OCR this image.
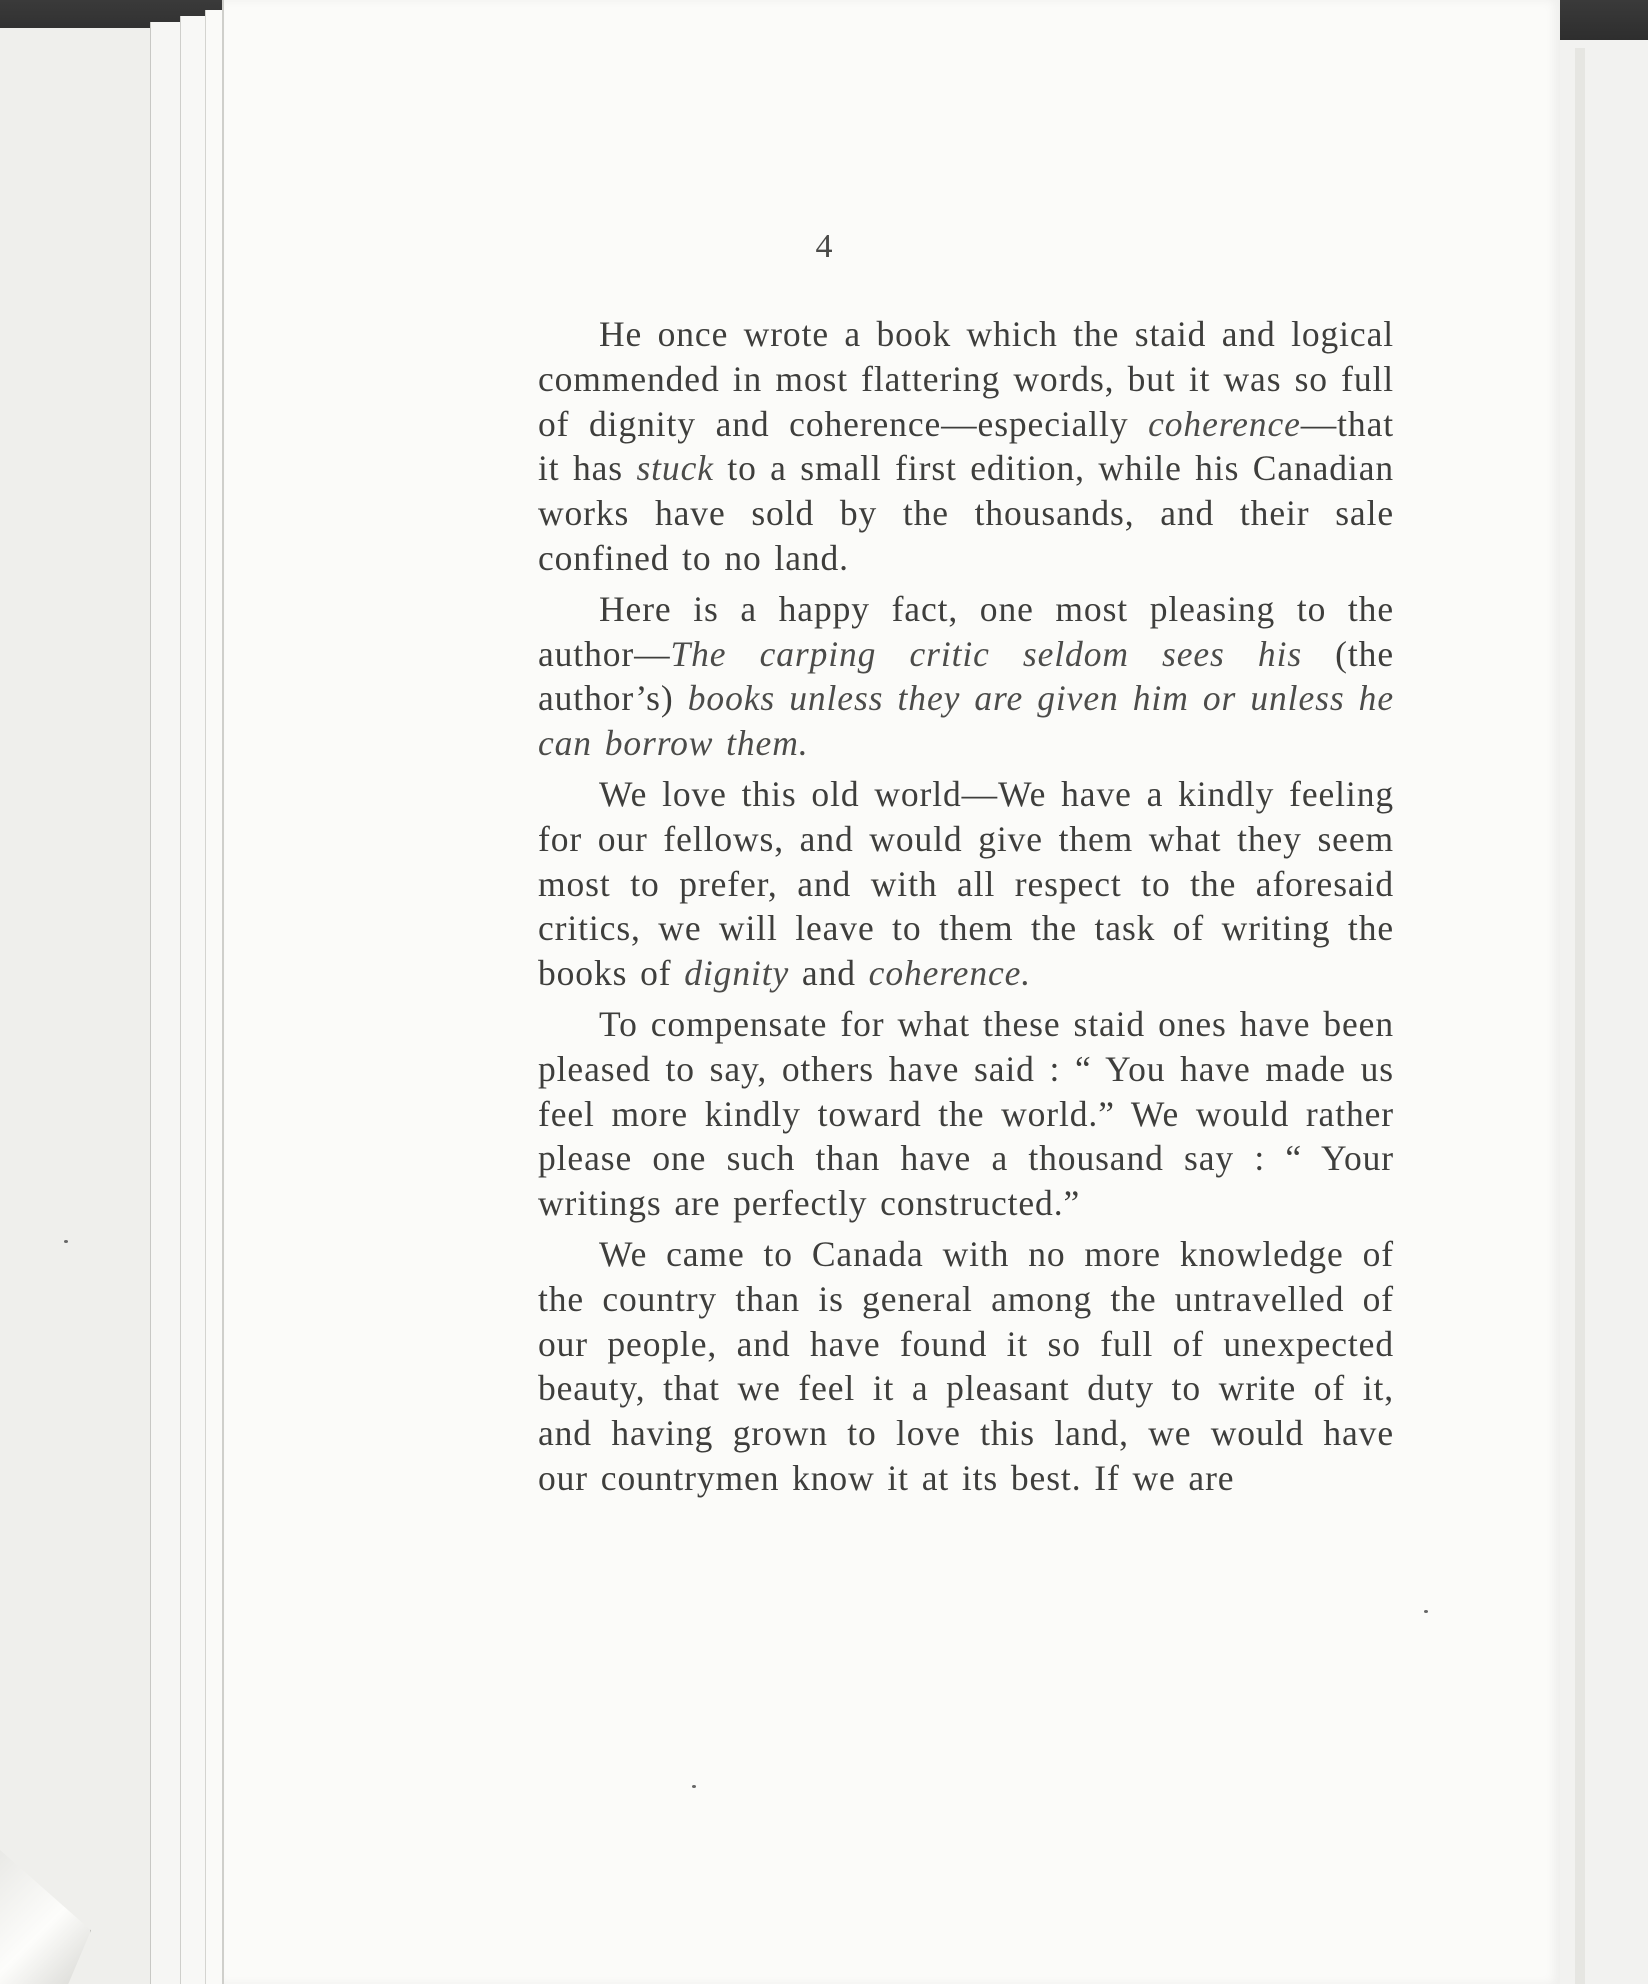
4

He once wrote a book which the staid and logical commended in most flattering words, but it was so full of dignity and coherence—especially coherence—that it has stuck to a small first edition, while his Canadian works have sold by the thousands, and their sale confined to no land.

Here is a happy fact, one most pleasing to the author—The carping critic seldom sees his (the author’s) books unless they are given him or unless he can borrow them.

We love this old world—We have a kindly feeling for our fellows, and would give them what they seem most to prefer, and with all respect to the aforesaid critics, we will leave to them the task of writing the books of dignity and coherence.

To compensate for what these staid ones have been pleased to say, others have said : “ You have made us feel more kindly toward the world.” We would rather please one such than have a thousand say : “ Your writings are perfectly constructed.”

We came to Canada with no more knowledge of the country than is general among the untravelled of our people, and have found it so full of unexpected beauty, that we feel it a pleasant duty to write of it, and having grown to love this land, we would have our countrymen know it at its best. If we are
